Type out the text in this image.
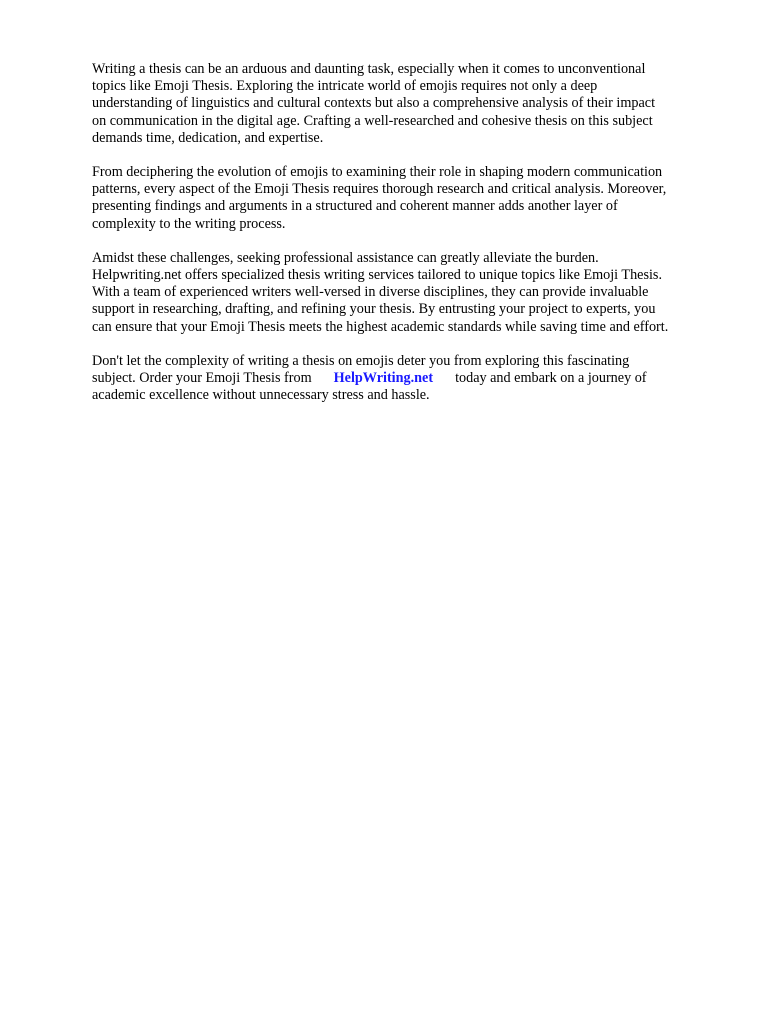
Writing a thesis can be an arduous and daunting task, especially when it comes to unconventional
topics like Emoji Thesis. Exploring the intricate world of emojis requires not only a deep
understanding of linguistics and cultural contexts but also a comprehensive analysis of their impact
on communication in the digital age. Crafting a well-researched and cohesive thesis on this subject
demands time, dedication, and expertise.

From deciphering the evolution of emojis to examining their role in shaping modern communication
patterns, every aspect of the Emoji Thesis requires thorough research and critical analysis. Moreover,
presenting findings and arguments in a structured and coherent manner adds another layer of
complexity to the writing process.

Amidst these challenges, seeking professional assistance can greatly alleviate the burden.
Helpwriting.net offers specialized thesis writing services tailored to unique topics like Emoji Thesis.
With a team of experienced writers well-versed in diverse disciplines, they can provide invaluable
support in researching, drafting, and refining your thesis. By entrusting your project to experts, you
can ensure that your Emoji Thesis meets the highest academic standards while saving time and effort.

Don't let the complexity of writing a thesis on emojis deter you from exploring this fascinating
subject. Order your Emoji Thesis from HelpWriting.net today and embark on a journey of
academic excellence without unnecessary stress and hassle.
